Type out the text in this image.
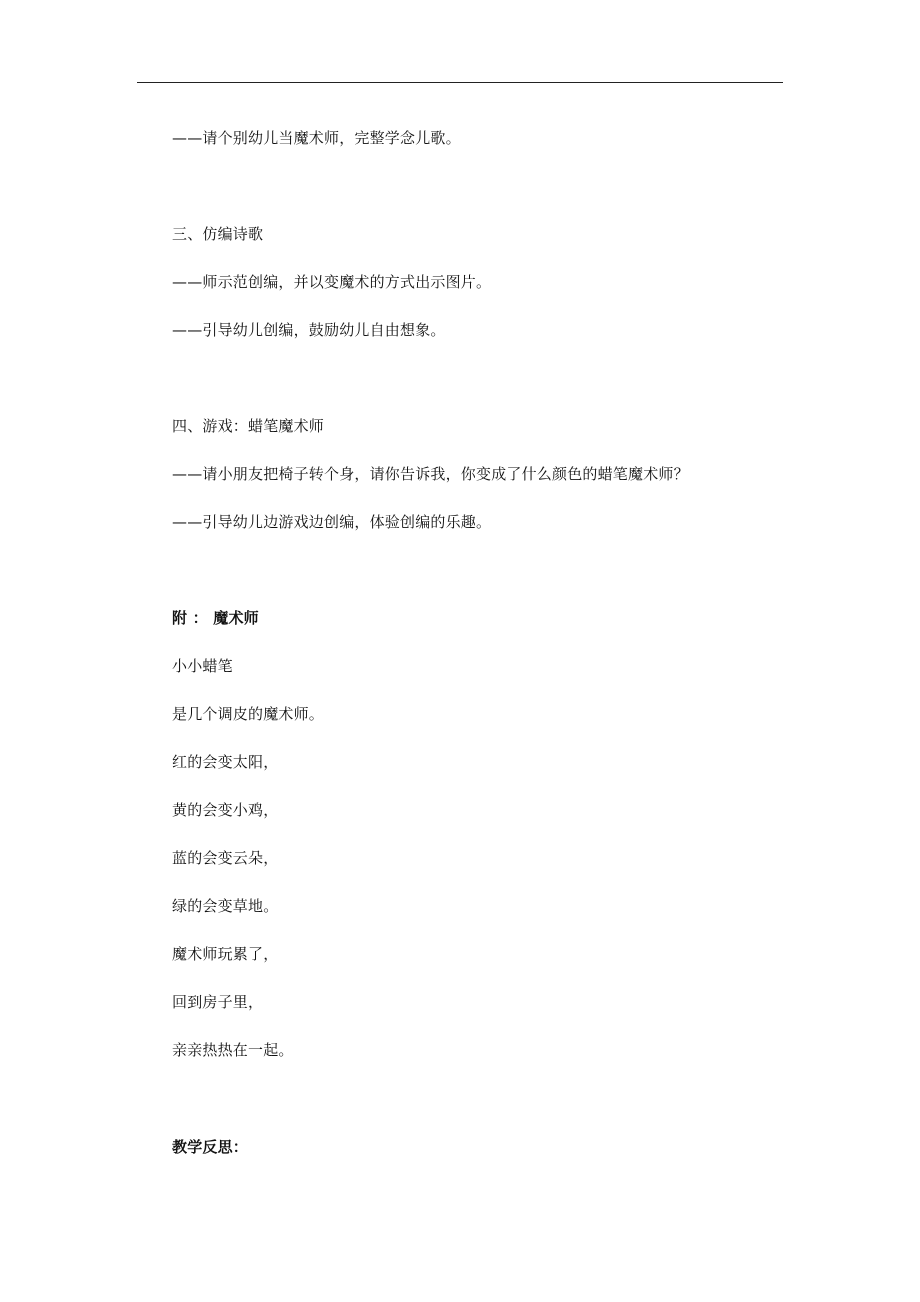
——请个别幼儿当魔术师，完整学念儿歌。
三、仿编诗歌
——师示范创编，并以变魔术的方式出示图片。
——引导幼儿创编，鼓励幼儿自由想象。
四、游戏：蜡笔魔术师
——请小朋友把椅子转个身，请你告诉我，你变成了什么颜色的蜡笔魔术师？
——引导幼儿边游戏边创编，体验创编的乐趣。
附 ： 魔术师
小小蜡笔
是几个调皮的魔术师。
红的会变太阳，
黄的会变小鸡，
蓝的会变云朵，
绿的会变草地。
魔术师玩累了，
回到房子里，
亲亲热热在一起。
教学反思：
